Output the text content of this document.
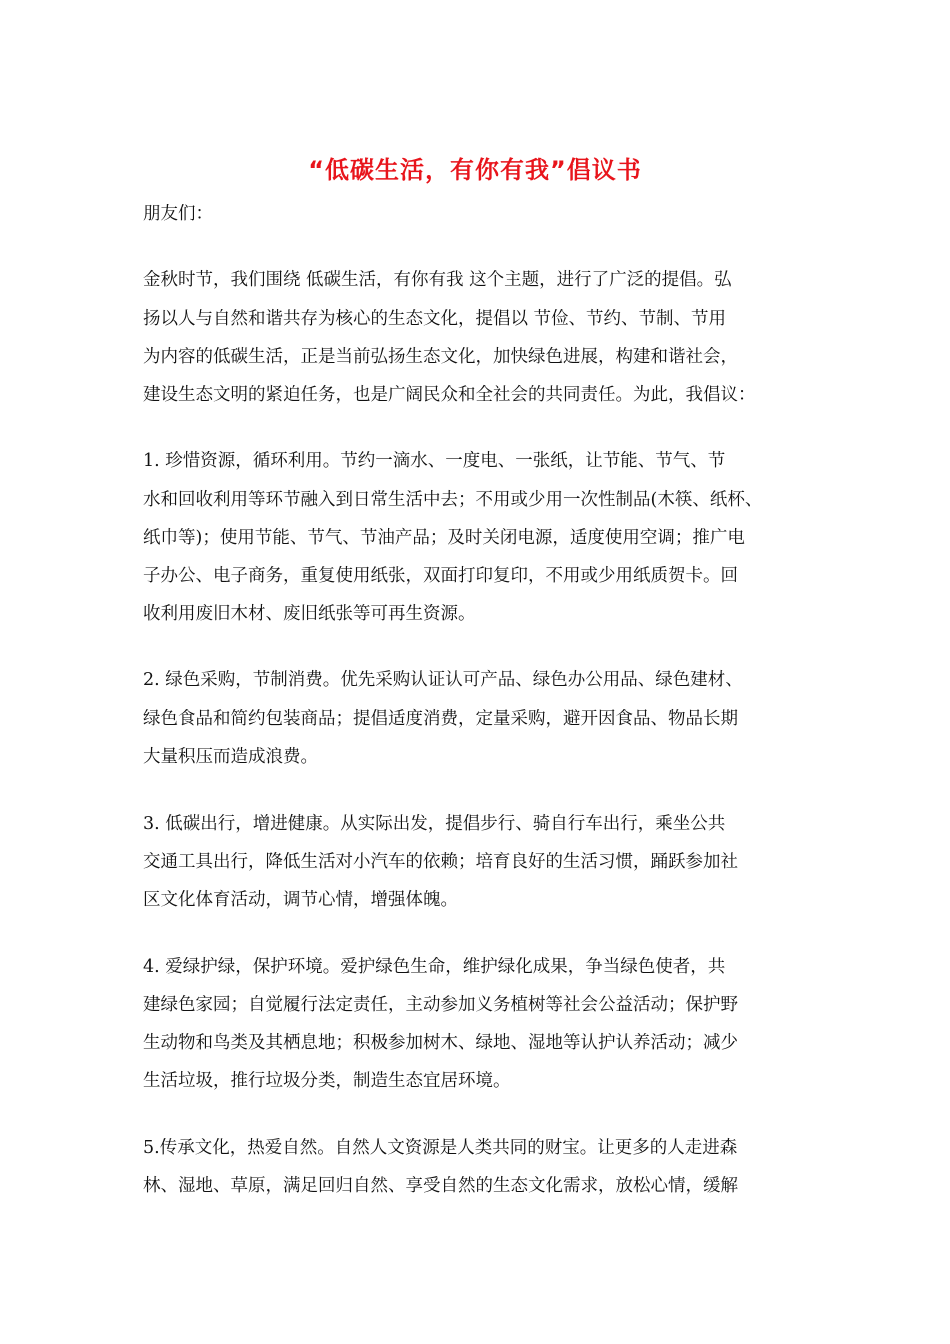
“低碳生活，有你有我”倡议书
朋友们：
金秋时节，我们围绕 低碳生活，有你有我 这个主题，进行了广泛的提倡。弘
扬以人与自然和谐共存为核心的生态文化，提倡以 节俭、节约、节制、节用
为内容的低碳生活，正是当前弘扬生态文化，加快绿色进展，构建和谐社会，
建设生态文明的紧迫任务，也是广阔民众和全社会的共同责任。为此，我倡议：
1. 珍惜资源，循环利用。节约一滴水、一度电、一张纸，让节能、节气、节
水和回收利用等环节融入到日常生活中去；不用或少用一次性制品(木筷、纸杯、
纸巾等)；使用节能、节气、节油产品；及时关闭电源，适度使用空调；推广电
子办公、电子商务，重复使用纸张，双面打印复印，不用或少用纸质贺卡。回
收利用废旧木材、废旧纸张等可再生资源。
2. 绿色采购，节制消费。优先采购认证认可产品、绿色办公用品、绿色建材、
绿色食品和简约包装商品；提倡适度消费，定量采购，避开因食品、物品长期
大量积压而造成浪费。
3. 低碳出行，增进健康。从实际出发，提倡步行、骑自行车出行，乘坐公共
交通工具出行，降低生活对小汽车的依赖；培育良好的生活习惯，踊跃参加社
区文化体育活动，调节心情，增强体魄。
4. 爱绿护绿，保护环境。爱护绿色生命，维护绿化成果，争当绿色使者，共
建绿色家园；自觉履行法定责任，主动参加义务植树等社会公益活动；保护野
生动物和鸟类及其栖息地；积极参加树木、绿地、湿地等认护认养活动；减少
生活垃圾，推行垃圾分类，制造生态宜居环境。
5.传承文化，热爱自然。自然人文资源是人类共同的财宝。让更多的人走进森
林、湿地、草原，满足回归自然、享受自然的生态文化需求，放松心情，缓解
